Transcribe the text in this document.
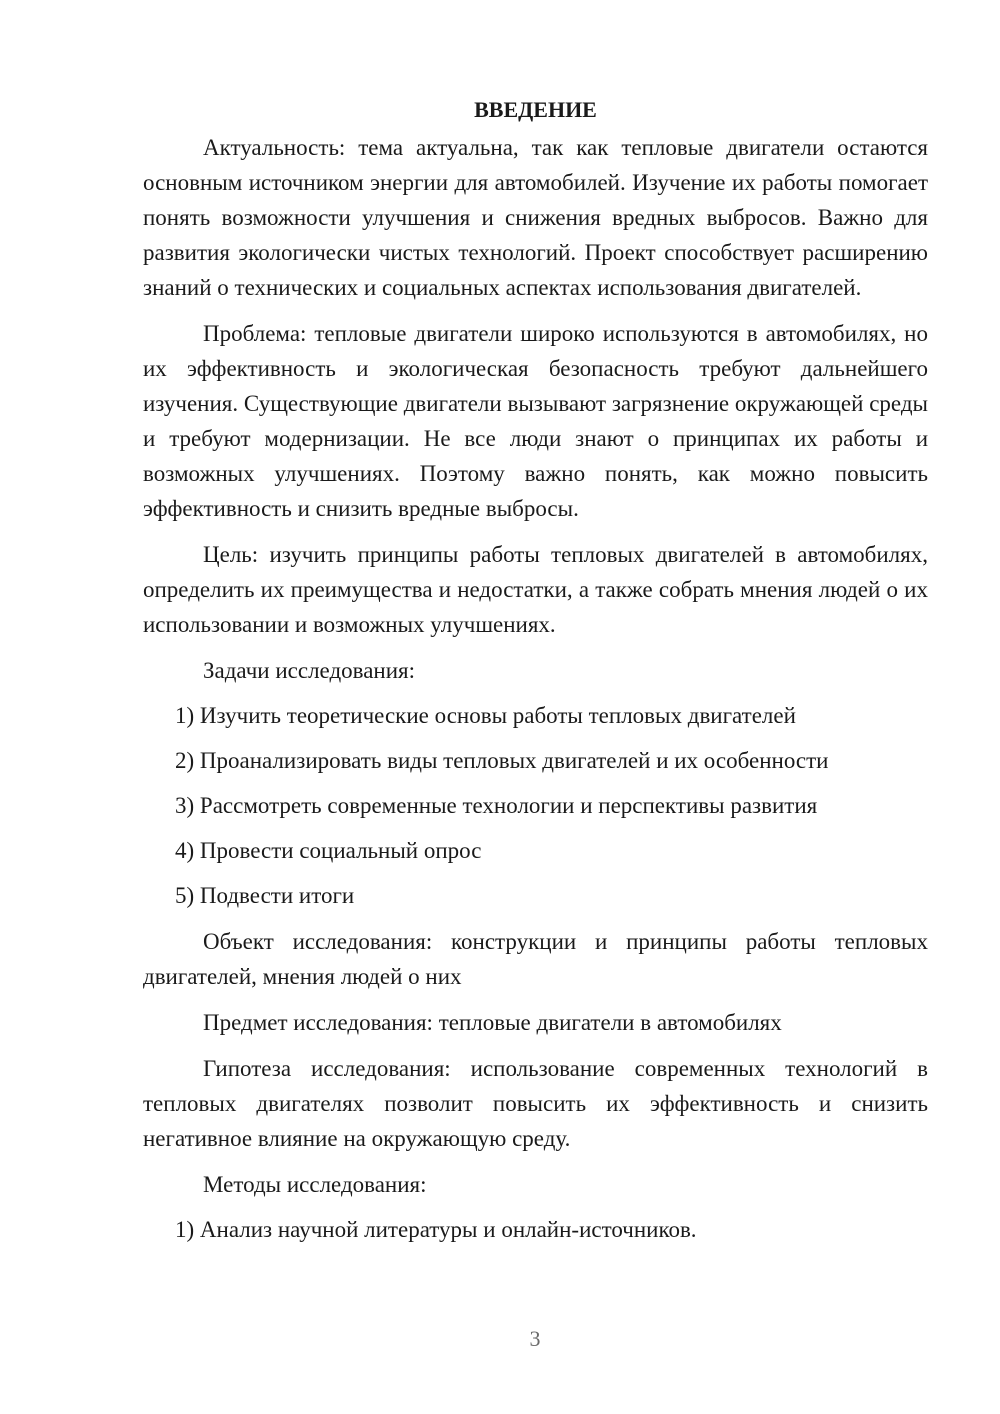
ВВЕДЕНИЕ

Актуальность: тема актуальна, так как тепловые двигатели остаются основным источником энергии для автомобилей. Изучение их работы помогает понять возможности улучшения и снижения вредных выбросов. Важно для развития экологически чистых технологий. Проект способствует расширению знаний о технических и социальных аспектах использования двигателей.

Проблема: тепловые двигатели широко используются в автомобилях, но их эффективность и экологическая безопасность требуют дальнейшего изучения. Существующие двигатели вызывают загрязнение окружающей среды и требуют модернизации. Не все люди знают о принципах их работы и возможных улучшениях. Поэтому важно понять, как можно повысить эффективность и снизить вредные выбросы.

Цель: изучить принципы работы тепловых двигателей в автомобилях, определить их преимущества и недостатки, а также собрать мнения людей о их использовании и возможных улучшениях.

Задачи исследования:

1) Изучить теоретические основы работы тепловых двигателей

2) Проанализировать виды тепловых двигателей и их особенности

3) Рассмотреть современные технологии и перспективы развития

4) Провести социальный опрос

5) Подвести итоги

Объект исследования: конструкции и принципы работы тепловых двигателей, мнения людей о них

Предмет исследования: тепловые двигатели в автомобилях

Гипотеза исследования: использование современных технологий в тепловых двигателях позволит повысить их эффективность и снизить негативное влияние на окружающую среду.

Методы исследования:

1) Анализ научной литературы и онлайн-источников.

3
